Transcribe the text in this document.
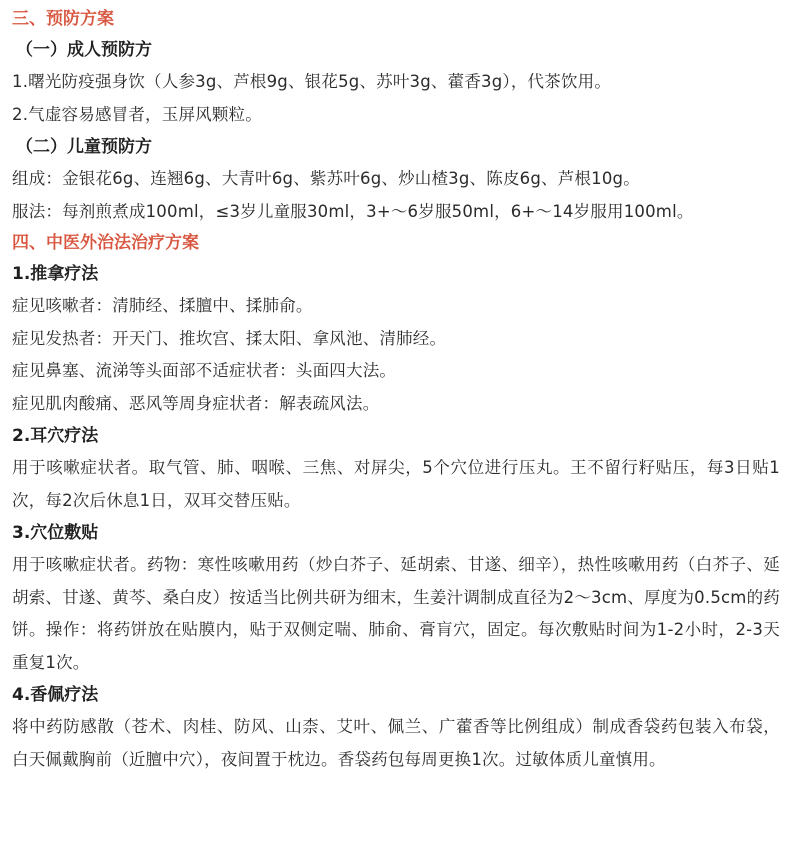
三、预防方案
（一）成人预防方

1.曙光防疫强身饮（人参3g、芦根9g、银花5g、苏叶3g、藿香3g），代茶饮用。

2.气虚容易感冒者，玉屏风颗粒。

（二）儿童预防方

组成：金银花6g、连翘6g、大青叶6g、紫苏叶6g、炒山楂3g、陈皮6g、芦根10g。

服法：每剂煎煮成100ml，≤3岁儿童服30ml，3+～6岁服50ml，6+～14岁服用100ml。

四、中医外治法治疗方案
1.推拿疗法

症见咳嗽者：清肺经、揉膻中、揉肺俞。

症见发热者：开天门、推坎宫、揉太阳、拿风池、清肺经。

症见鼻塞、流涕等头面部不适症状者：头面四大法。

症见肌肉酸痛、恶风等周身症状者：解表疏风法。

2.耳穴疗法

用于咳嗽症状者。取气管、肺、咽喉、三焦、对屏尖，5个穴位进行压丸。王不留行籽贴压，每3日贴1次，每2次后休息1日，双耳交替压贴。

3.穴位敷贴

用于咳嗽症状者。药物：寒性咳嗽用药（炒白芥子、延胡索、甘遂、细辛），热性咳嗽用药（白芥子、延胡索、甘遂、黄芩、桑白皮）按适当比例共研为细末，生姜汁调制成直径为2～3cm、厚度为0.5cm的药饼。操作：将药饼放在贴膜内，贴于双侧定喘、肺俞、膏肓穴，固定。每次敷贴时间为1-2小时，2-3天重复1次。

4.香佩疗法

将中药防感散（苍术、肉桂、防风、山柰、艾叶、佩兰、广藿香等比例组成）制成香袋药包装入布袋，白天佩戴胸前（近膻中穴），夜间置于枕边。香袋药包每周更换1次。过敏体质儿童慎用。
